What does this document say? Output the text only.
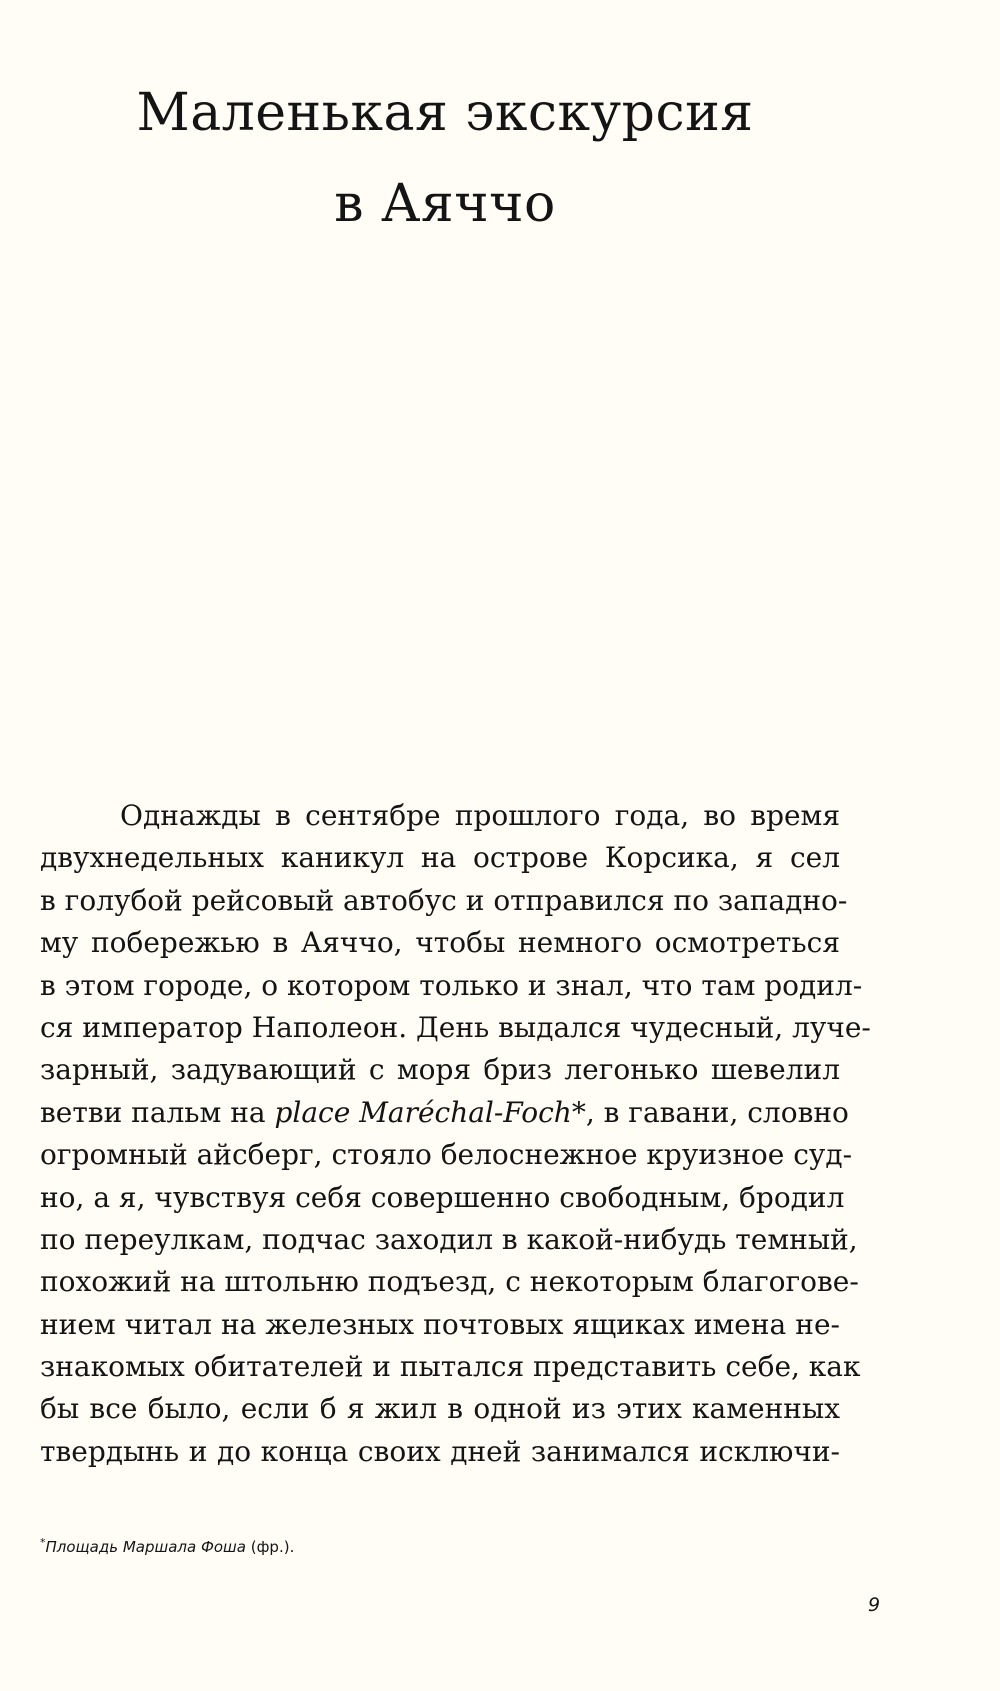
Маленькая экскурсия
в Аяччо
Однажды в сентябре прошлого года, во время
двухнедельных каникул на острове Корсика, я сел
в голубой рейсовый автобус и отправился по западно-
му побережью в Аяччо, чтобы немного осмотреться
в этом городе, о котором только и знал, что там родил-
ся император Наполеон. День выдался чудесный, луче-
зарный, задувающий с моря бриз легонько шевелил
ветви пальм на place Maréchal-Foch*, в гавани, словно
огромный айсберг, стояло белоснежное круизное суд-
но, а я, чувствуя себя совершенно свободным, бродил
по переулкам, подчас заходил в какой-нибудь темный,
похожий на штольню подъезд, с некоторым благогове-
нием читал на железных почтовых ящиках имена не-
знакомых обитателей и пытался представить себе, как
бы все было, если б я жил в одной из этих каменных
твердынь и до конца своих дней занимался исключи-
*Площадь Маршала Фоша (фр.).
9
